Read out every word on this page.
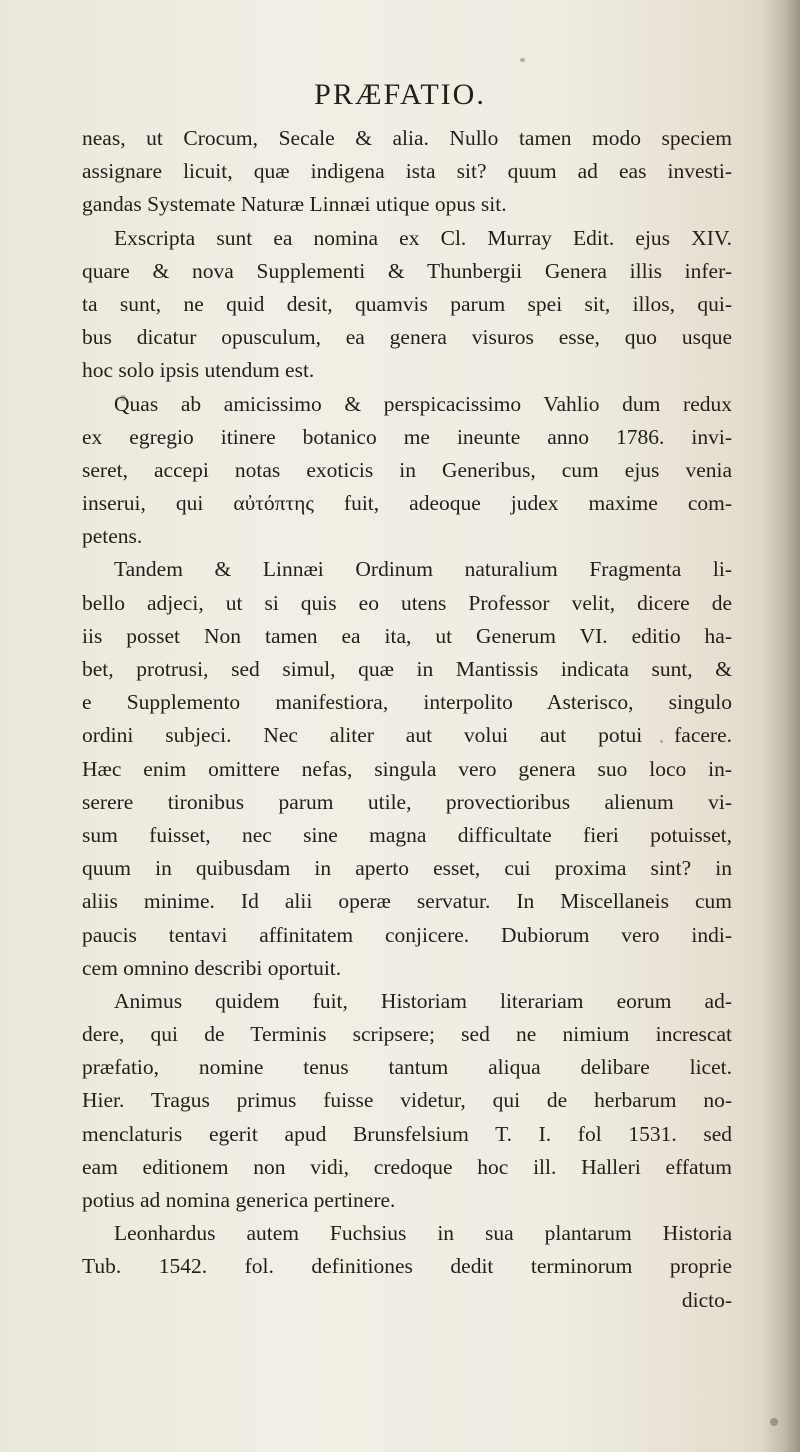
PRÆFATIO.
neas, ut Crocum, Secale & alia. Nullo tamen modo speciem
assignare licuit, quæ indigena ista sit? quum ad eas investi-
gandas Systemate Naturæ Linnæi utique opus sit.
Exscripta sunt ea nomina ex Cl. Murray Edit. ejus XIV.
quare & nova Supplementi & Thunbergii Genera illis infer-
ta sunt, ne quid desit, quamvis parum spei sit, illos, qui-
bus dicatur opusculum, ea genera visuros esse, quo usque
hoc solo ipsis utendum est.
Quas ab amicissimo & perspicacissimo Vahlio dum redux
ex egregio itinere botanico me ineunte anno 1786. invi-
seret, accepi notas exoticis in Generibus, cum ejus venia
inserui, qui αὐτόπτης fuit, adeoque judex maxime com-
petens.
Tandem & Linnæi Ordinum naturalium Fragmenta li-
bello adjeci, ut si quis eo utens Professor velit, dicere de
iis posset Non tamen ea ita, ut Generum VI. editio ha-
bet, protrusi, sed simul, quæ in Mantissis indicata sunt, &
e Supplemento manifestiora, interpolito Asterisco, singulo
ordini subjeci. Nec aliter aut volui aut potui facere.
Hæc enim omittere nefas, singula vero genera suo loco in-
serere tironibus parum utile, provectioribus alienum vi-
sum fuisset, nec sine magna difficultate fieri potuisset,
quum in quibusdam in aperto esset, cui proxima sint? in
aliis minime. Id alii operæ servatur. In Miscellaneis cum
paucis tentavi affinitatem conjicere. Dubiorum vero indi-
cem omnino describi oportuit.
Animus quidem fuit, Historiam literariam eorum ad-
dere, qui de Terminis scripsere; sed ne nimium increscat
præfatio, nomine tenus tantum aliqua delibare licet.
Hier. Tragus primus fuisse videtur, qui de herbarum no-
menclaturis egerit apud Brunsfelsium T. I. fol 1531. sed
eam editionem non vidi, credoque hoc ill. Halleri effatum
potius ad nomina generica pertinere.
Leonhardus autem Fuchsius in sua plantarum Historia
Tub. 1542. fol. definitiones dedit terminorum proprie
dicto-
